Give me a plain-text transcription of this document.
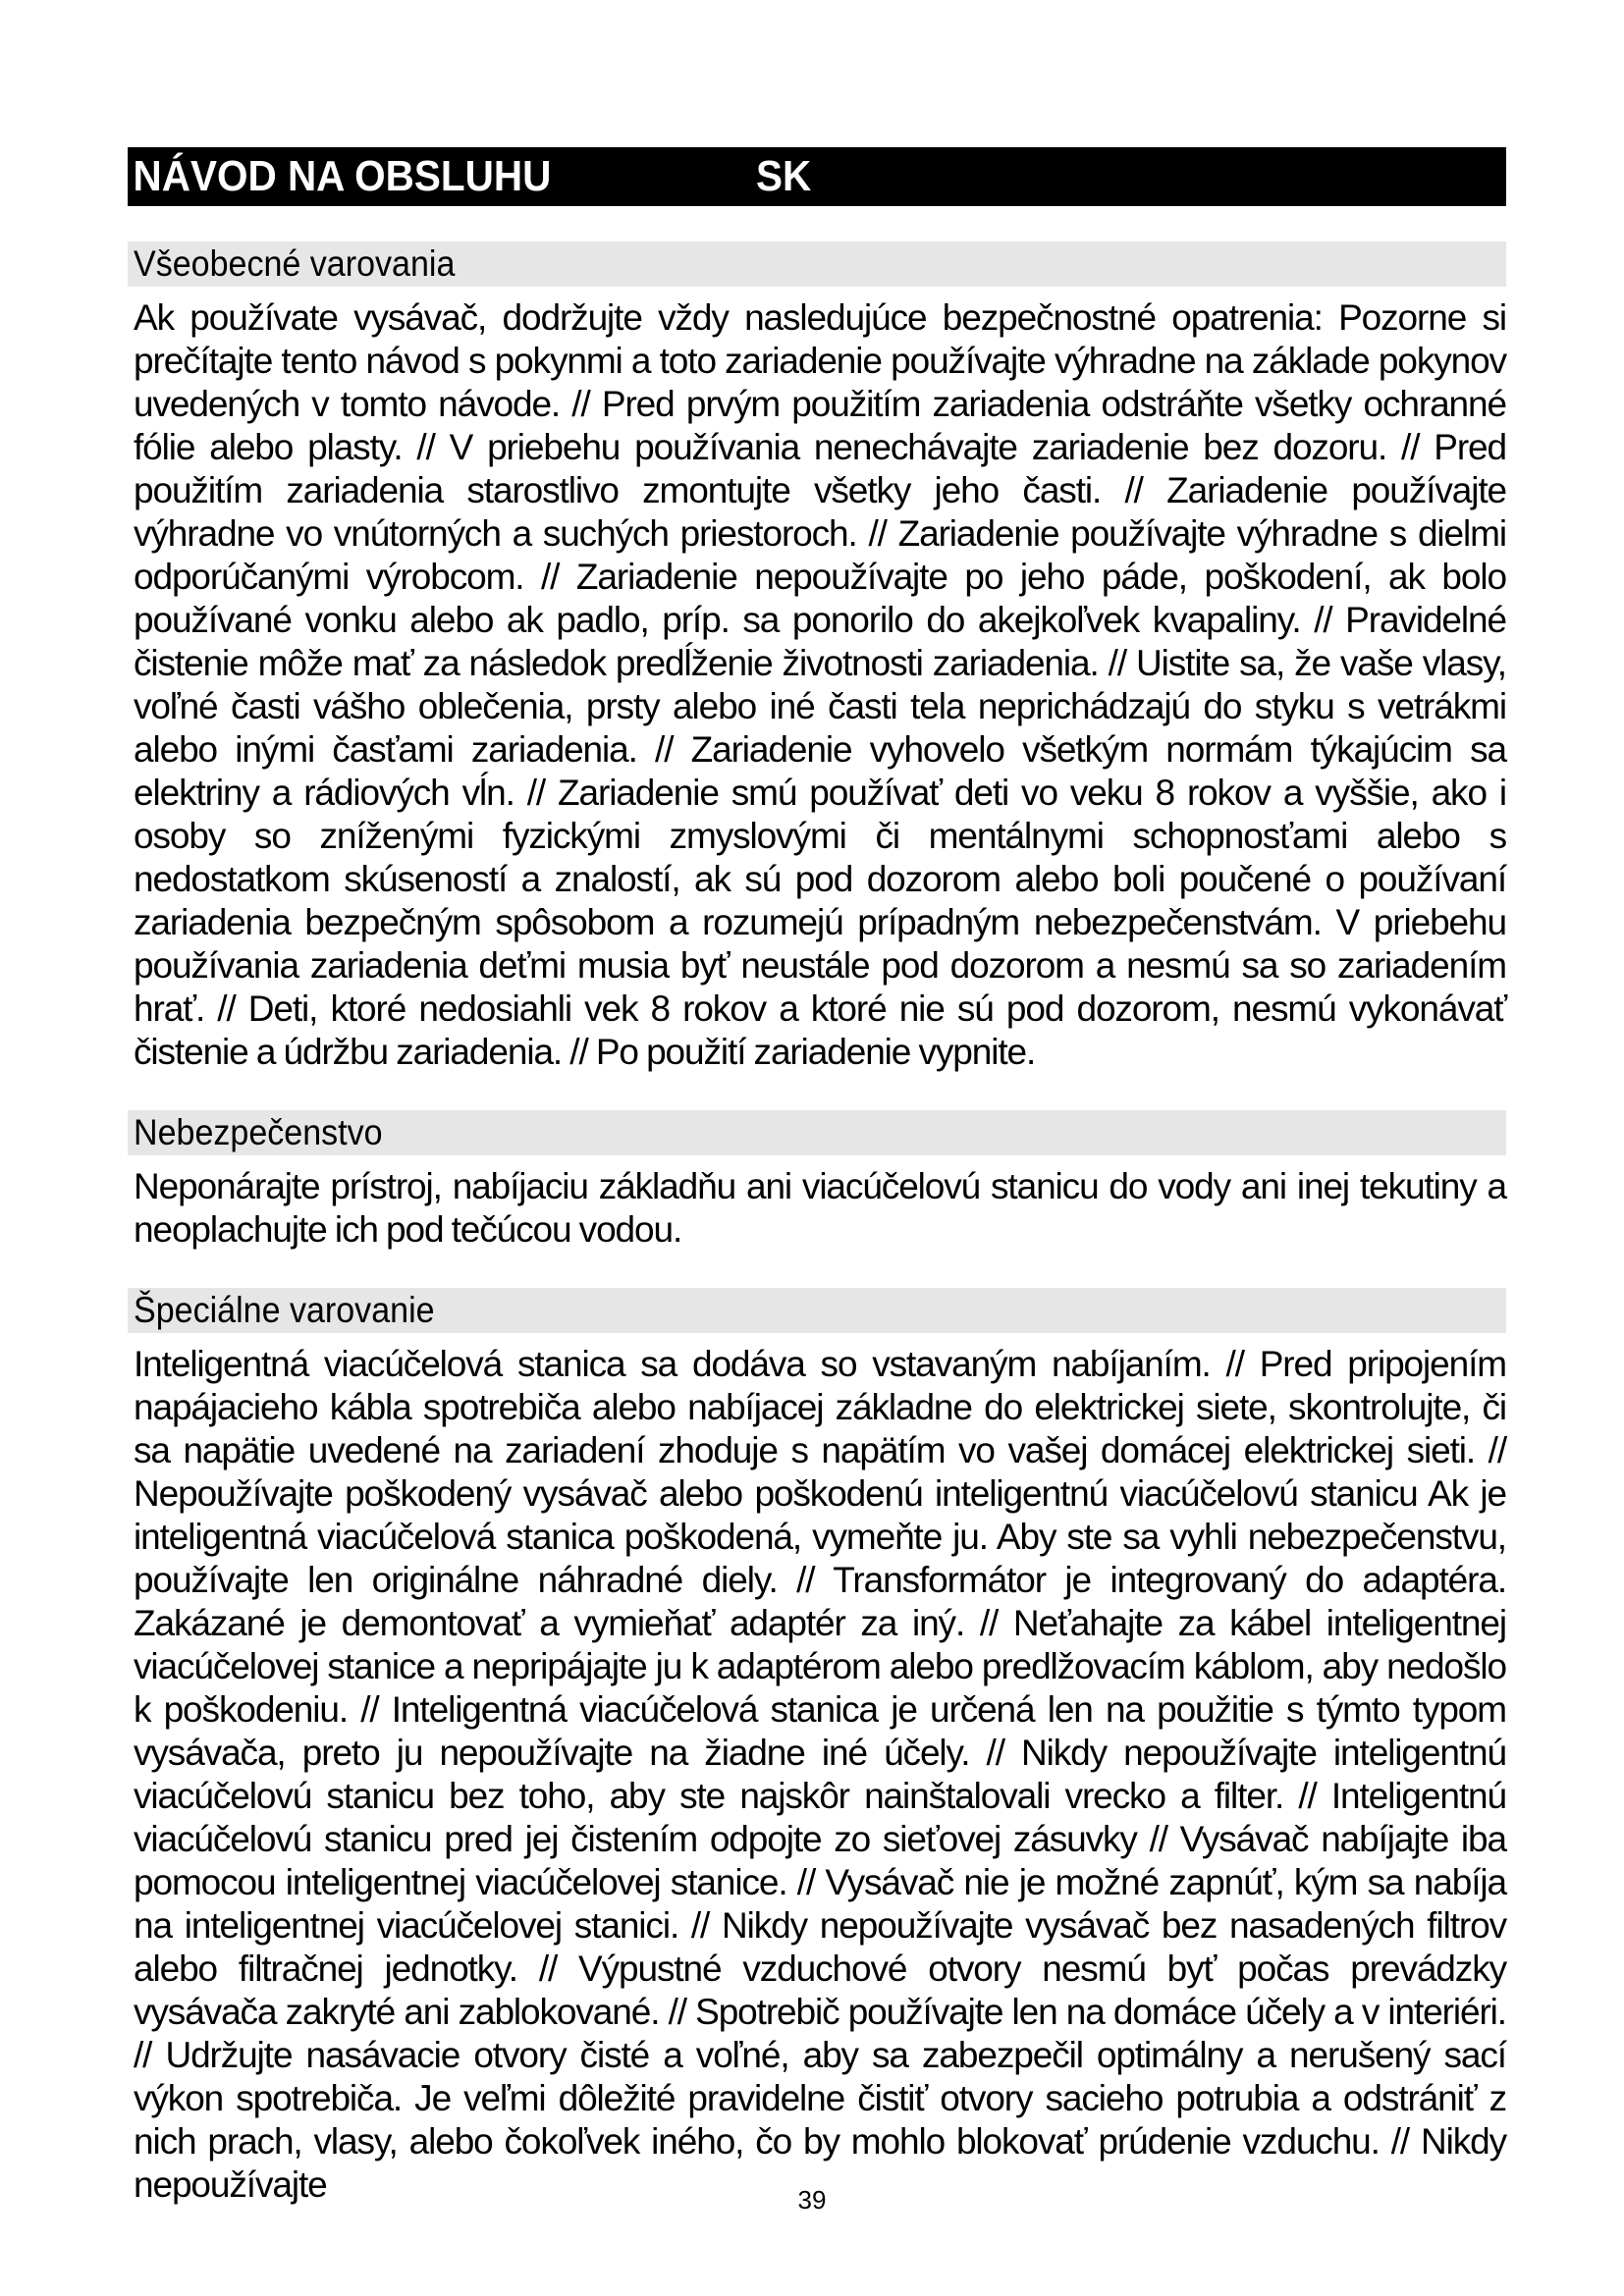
NÁVOD NA OBSLUHU	SK
Všeobecné varovania

Ak používate vysávač, dodržujte vždy nasledujúce bezpečnostné opatrenia: Pozorne si prečítajte tento návod s pokynmi a toto zariadenie používajte výhradne na základe pokynov uvedených v tomto návode. // Pred prvým použitím zariadenia odstráňte všetky ochranné fólie alebo plasty. // V priebehu používania nenechávajte zariadenie bez dozoru. // Pred použitím zariadenia starostlivo zmontujte všetky jeho časti. // Zariadenie používajte výhradne vo vnútorných a suchých priestoroch. // Zariadenie používajte výhradne s dielmi odporúčanými výrobcom. // Zariadenie nepoužívajte po jeho páde, poškodení, ak bolo používané vonku alebo ak padlo, príp. sa ponorilo do akejkoľvek kvapaliny. // Pravidelné čistenie môže mať za následok predĺženie životnosti zariadenia. // Uistite sa, že vaše vlasy, voľné časti vášho oblečenia, prsty alebo iné časti tela neprichádzajú do styku s vetrákmi alebo inými časťami zariadenia. // Zariadenie vyhovelo všetkým normám týkajúcim sa elektriny a rádiových vĺn. // Zariadenie smú používať deti vo veku 8 rokov a vyššie, ako i osoby so zníženými fyzickými zmyslovými či mentálnymi schopnosťami alebo s nedostatkom skúseností a znalostí, ak sú pod dozorom alebo boli poučené o používaní zariadenia bezpečným spôsobom a rozumejú prípadným nebezpečenstvám. V priebehu používania zariadenia deťmi musia byť neustále pod dozorom a nesmú sa so zariadením hrať. // Deti, ktoré nedosiahli vek 8 rokov a ktoré nie sú pod dozorom, nesmú vykonávať čistenie a údržbu zariadenia. // Po použití zariadenie vypnite.

Nebezpečenstvo

Neponárajte prístroj, nabíjaciu základňu ani viacúčelovú stanicu do vody ani inej tekutiny a neoplachujte ich pod tečúcou vodou.

Špeciálne varovanie

Inteligentná viacúčelová stanica sa dodáva so vstavaným nabíjaním. // Pred pripojením napájacieho kábla spotrebiča alebo nabíjacej základne do elektrickej siete, skontrolujte, či sa napätie uvedené na zariadení zhoduje s napätím vo vašej domácej elektrickej sieti. // Nepoužívajte poškodený vysávač alebo poškodenú inteligentnú viacúčelovú stanicu Ak je inteligentná viacúčelová stanica poškodená, vymeňte ju. Aby ste sa vyhli nebezpečenstvu, používajte len originálne náhradné diely. // Transformátor je integrovaný do adaptéra. Zakázané je demontovať a vymieňať adaptér za iný. // Neťahajte za kábel inteligentnej viacúčelovej stanice a nepripájajte ju k adaptérom alebo predlžovacím káblom, aby nedošlo k poškodeniu. // Inteligentná viacúčelová stanica je určená len na použitie s týmto typom vysávača, preto ju nepoužívajte na žiadne iné účely. // Nikdy nepoužívajte inteligentnú viacúčelovú stanicu bez toho, aby ste najskôr nainštalovali vrecko a filter. // Inteligentnú viacúčelovú stanicu pred jej čistením odpojte zo sieťovej zásuvky // Vysávač nabíjajte iba pomocou inteligentnej viacúčelovej stanice. // Vysávač nie je možné zapnúť, kým sa nabíja na inteligentnej viacúčelovej stanici. // Nikdy nepoužívajte vysávač bez nasadených filtrov alebo filtračnej jednotky. // Výpustné vzduchové otvory nesmú byť počas prevádzky vysávača zakryté ani zablokované. // Spotrebič používajte len na domáce účely a v interiéri. // Udržujte nasávacie otvory čisté a voľné, aby sa zabezpečil optimálny a nerušený sací výkon spotrebiča. Je veľmi dôležité pravidelne čistiť otvory sacieho potrubia a odstrániť z nich prach, vlasy, alebo čokoľvek iného, čo by mohlo blokovať prúdenie vzduchu. // Nikdy nepoužívajte	39
